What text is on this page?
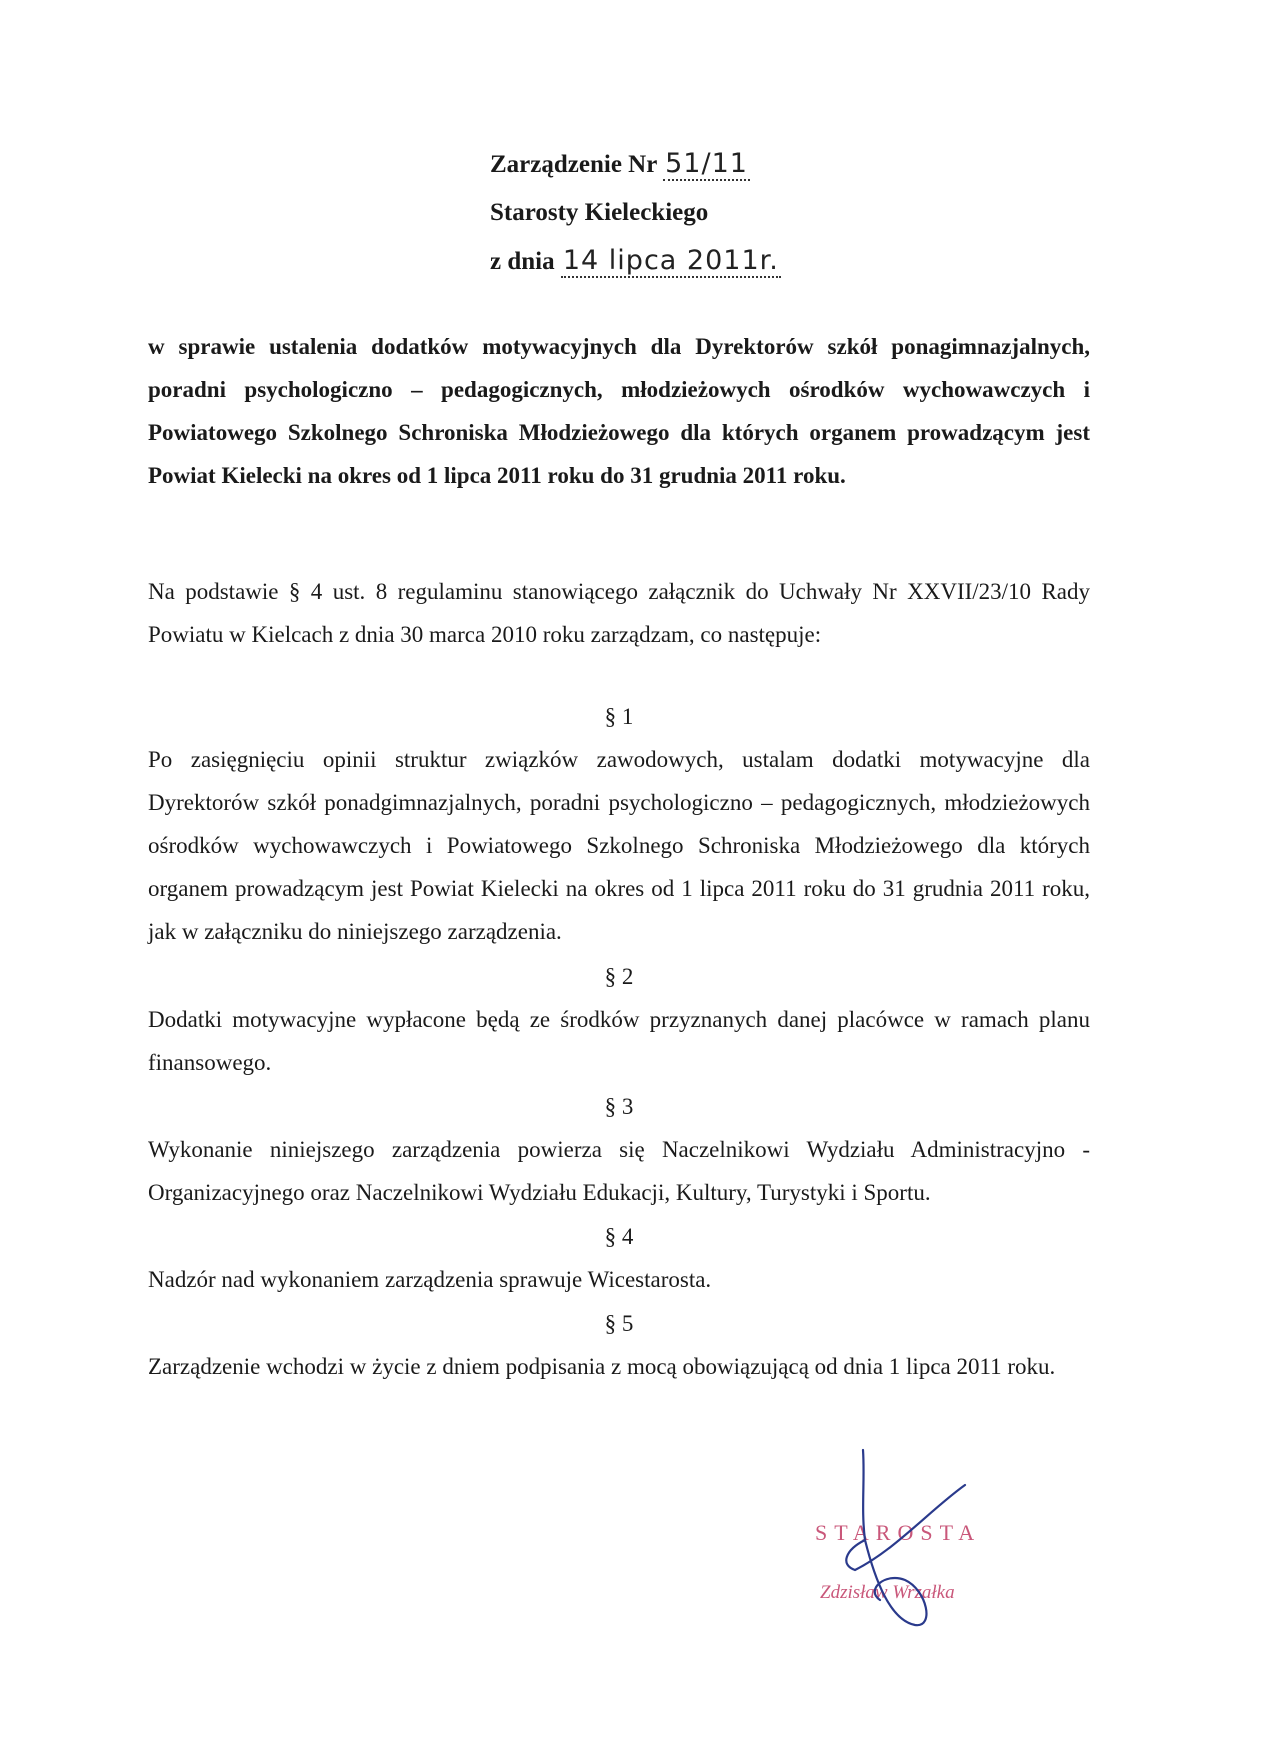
Zarządzenie Nr 51/11
Starosty Kieleckiego
z dnia 14 lipca 2011r.
w sprawie ustalenia dodatków motywacyjnych dla Dyrektorów szkół ponagimnazjalnych, poradni psychologiczno – pedagogicznych, młodzieżowych ośrodków wychowawczych i Powiatowego Szkolnego Schroniska Młodzieżowego dla których organem prowadzącym jest Powiat Kielecki na okres od 1 lipca 2011 roku do 31 grudnia 2011 roku.
Na podstawie § 4 ust. 8 regulaminu stanowiącego załącznik do Uchwały Nr XXVII/23/10 Rady Powiatu w Kielcach z dnia 30 marca 2010 roku zarządzam, co następuje:
§ 1
Po zasięgnięciu opinii struktur związków zawodowych, ustalam dodatki motywacyjne dla Dyrektorów szkół ponadgimnazjalnych, poradni psychologiczno – pedagogicznych, młodzieżowych ośrodków wychowawczych i Powiatowego Szkolnego Schroniska Młodzieżowego dla których organem prowadzącym jest Powiat Kielecki na okres od 1 lipca 2011 roku do 31 grudnia 2011 roku, jak w załączniku do niniejszego zarządzenia.
§ 2
Dodatki motywacyjne wypłacone będą ze środków przyznanych danej placówce w ramach planu finansowego.
§ 3
Wykonanie niniejszego zarządzenia powierza się Naczelnikowi Wydziału Administracyjno - Organizacyjnego oraz Naczelnikowi Wydziału Edukacji, Kultury, Turystyki i Sportu.
§ 4
Nadzór nad wykonaniem zarządzenia sprawuje Wicestarosta.
§ 5
Zarządzenie wchodzi w życie z dniem podpisania z mocą obowiązującą od dnia 1 lipca 2011 roku.
STAROSTA
Zdzisław Wrzałka
